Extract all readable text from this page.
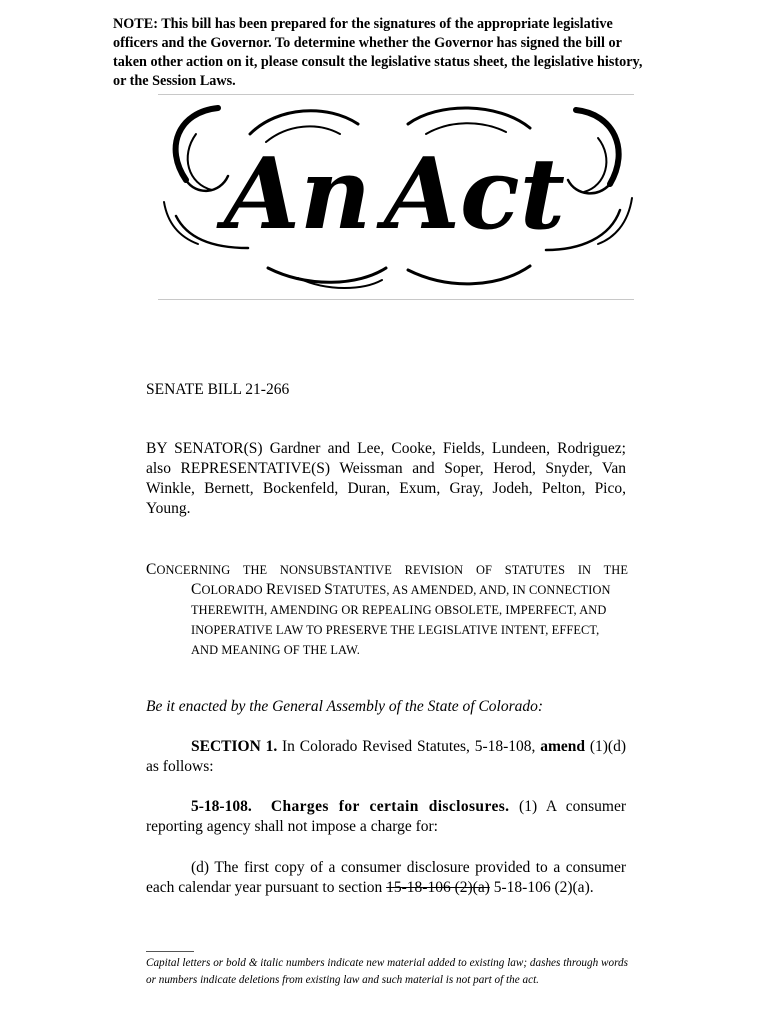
NOTE: This bill has been prepared for the signatures of the appropriate legislative officers and the Governor. To determine whether the Governor has signed the bill or taken other action on it, please consult the legislative status sheet, the legislative history, or the Session Laws.
An Act
SENATE BILL 21-266
BY SENATOR(S) Gardner and Lee, Cooke, Fields, Lundeen, Rodriguez; also REPRESENTATIVE(S) Weissman and Soper, Herod, Snyder, Van Winkle, Bernett, Bockenfeld, Duran, Exum, Gray, Jodeh, Pelton, Pico, Young.
CONCERNING THE NONSUBSTANTIVE REVISION OF STATUTES IN THE
COLORADO REVISED STATUTES, AS AMENDED, AND, IN CONNECTION
THEREWITH, AMENDING OR REPEALING OBSOLETE, IMPERFECT, AND
INOPERATIVE LAW TO PRESERVE THE LEGISLATIVE INTENT, EFFECT,
AND MEANING OF THE LAW.
Be it enacted by the General Assembly of the State of Colorado:
SECTION 1. In Colorado Revised Statutes, 5-18-108, amend (1)(d) as follows:
5-18-108. Charges for certain disclosures. (1) A consumer reporting agency shall not impose a charge for:
(d) The first copy of a consumer disclosure provided to a consumer each calendar year pursuant to section 15-18-106 (2)(a) 5-18-106 (2)(a).
Capital letters or bold & italic numbers indicate new material added to existing law; dashes through words or numbers indicate deletions from existing law and such material is not part of the act.
